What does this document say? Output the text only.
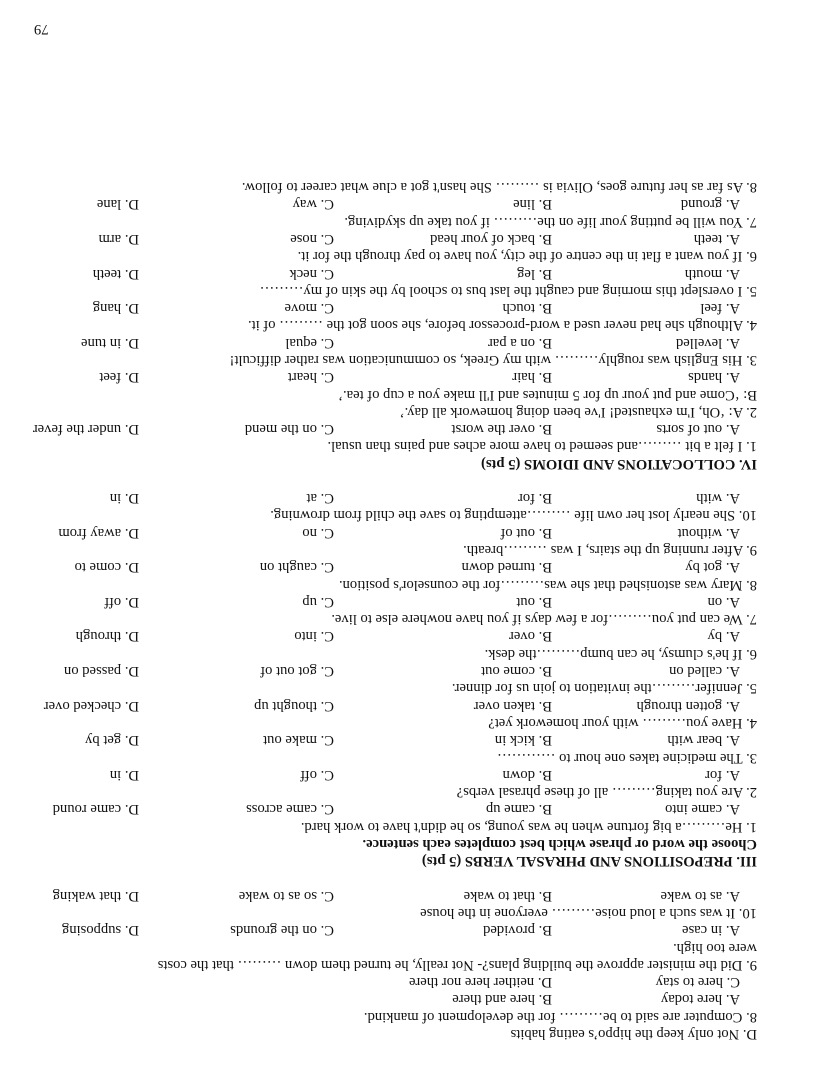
D. Not only keep the hippo’s eating habits
8. Computer are said to be……… for the development of mankind.
A. here today
B. here and there
C. here to stay
D. neither here nor there
9. Did the minister approve the building plans?- Not really, he turned them down ……… that the costs
were too high.
A. in case
B. provided
C. on the grounds
D. supposing
10. It was such a loud noise……… everyone in the house
A. as to wake
B. that to wake
C. so as to wake
D. that waking
III. PREPOSITIONS AND PHRASAL VERBS (5 pts)
Choose the word or phrase which best completes each sentence.
1. He………a big fortune when he was young, so he didn't have to work hard.
A. came into
B. came up
C. came across
D. came round
2. Are you taking……… all of these phrasal verbs?
A. for
B. down
C. off
D. in
3. The medicine takes one hour to …………
A. bear with
B. kick in
C. make out
D. get by
4. Have you……… with your homework yet?
A. gotten through
B. taken over
C. thought up
D. checked over
5. Jennifer………the invitation to join us for dinner.
A. called on
B. come out
C. got out of
D. passed on
6. If he's clumsy, he can bump………the desk.
A. by
B. over
C. into
D. through
7. We can put you………for a few days if you have nowhere else to live.
A. on
B. out
C. up
D. off
8. Mary was astonished that she was………for the counselor's position.
A. got by
B. turned down
C. caught on
D. come to
9. After running up the stairs, I was ………breath.
A. without
B. out of
C. no
D. away from
10. She nearly lost her own life ………attempting to save the child from drowning.
A. with
B. for
C. at
D. in
IV. COLLOCATIONS AND IDIOMS (5 pts)
1. I felt a bit ………and seemed to have more aches and pains than usual.
A. out of sorts
B. over the worst
C. on the mend
D. under the fever
2. A: ‘Oh, I'm exhausted! I've been doing homework all day.’
B: ‘Come and put your up for 5 minutes and I'll make you a cup of tea.’
A. hands
B. hair
C. heart
D. feet
3. His English was roughly……… with my Greek, so communication was rather difficult!
A. levelled
B. on a par
C. equal
D. in tune
4. Although she had never used a word-processor before, she soon got the ……… of it.
A. feel
B. touch
C. move
D. hang
5. I overslept this morning and caught the last bus to school by the skin of my………
A. mouth
B. leg
C. neck
D. teeth
6. If you want a flat in the centre of the city, you have to pay through the for it.
A. teeth
B. back of your head
C. nose
D. arm
7. You will be putting your life on the……… if you take up skydiving.
A. ground
B. line
C. way
D. lane
8. As far as her future goes, Olivia is ……… She hasn't got a clue what career to follow.
79
